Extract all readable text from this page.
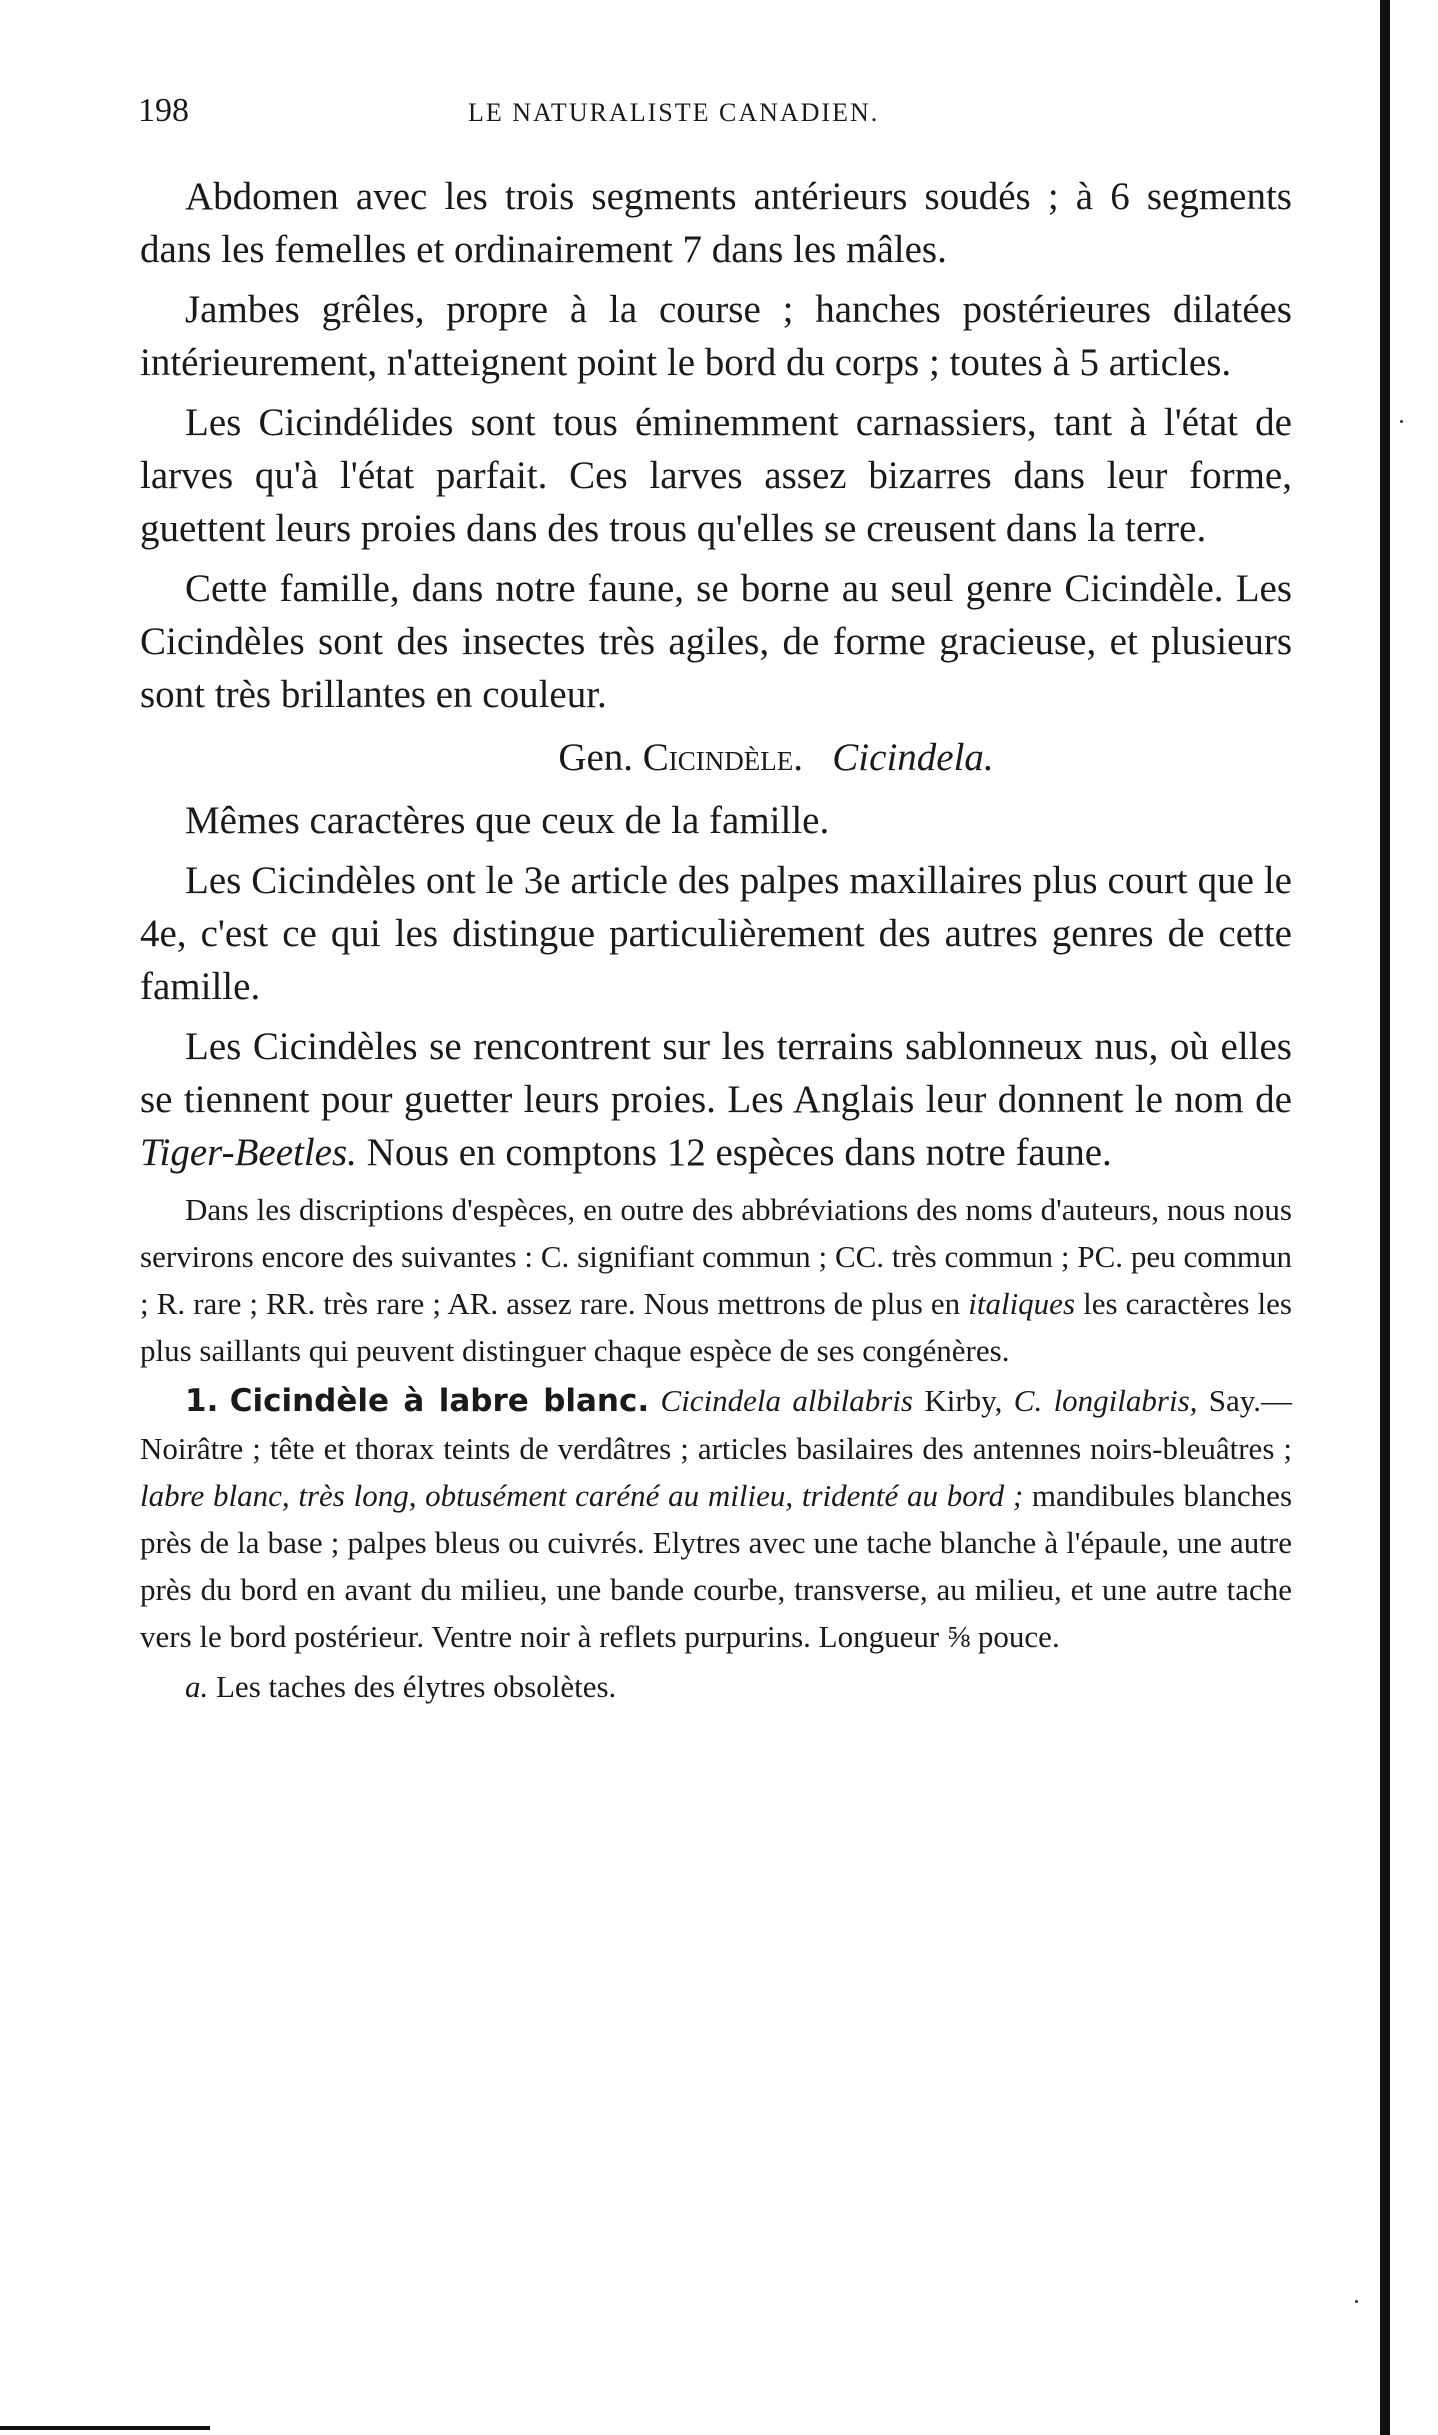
198	LE NATURALISTE CANADIEN.

Abdomen avec les trois segments antérieurs soudés ; à 6 segments dans les femelles et ordinairement 7 dans les mâles.

Jambes grêles, propre à la course ; hanches postérieures dilatées intérieurement, n'atteignent point le bord du corps ; toutes à 5 articles.

Les Cicindélides sont tous éminemment carnassiers, tant à l'état de larves qu'à l'état parfait. Ces larves assez bizarres dans leur forme, guettent leurs proies dans des trous qu'elles se creusent dans la terre.

Cette famille, dans notre faune, se borne au seul genre Cicindèle. Les Cicindèles sont des insectes très agiles, de forme gracieuse, et plusieurs sont très brillantes en couleur.

Gen. Cicindèle. Cicindela.

Mêmes caractères que ceux de la famille.

Les Cicindèles ont le 3e article des palpes maxillaires plus court que le 4e, c'est ce qui les distingue particulièrement des autres genres de cette famille.

Les Cicindèles se rencontrent sur les terrains sablonneux nus, où elles se tiennent pour guetter leurs proies. Les Anglais leur donnent le nom de Tiger-Beetles. Nous en comptons 12 espèces dans notre faune.

Dans les discriptions d'espèces, en outre des abbréviations des noms d'auteurs, nous nous servirons encore des suivantes : C. signifiant commun ; CC. très commun ; PC. peu commun ; R. rare ; RR. très rare ; AR. assez rare. Nous mettrons de plus en italiques les caractères les plus saillants qui peuvent distinguer chaque espèce de ses congénères.

1. Cicindèle à labre blanc. Cicindela albilabris Kirby, C. longilabris, Say.—Noirâtre ; tête et thorax teints de verdâtres ; articles basilaires des antennes noirs-bleuâtres ; labre blanc, très long, obtusément caréné au milieu, tridenté au bord ; mandibules blanches près de la base ; palpes bleus ou cuivrés. Elytres avec une tache blanche à l'épaule, une autre près du bord en avant du milieu, une bande courbe, transverse, au milieu, et une autre tache vers le bord postérieur. Ventre noir à reflets purpurins. Longueur ⅝ pouce.

a. Les taches des élytres obsolètes.
